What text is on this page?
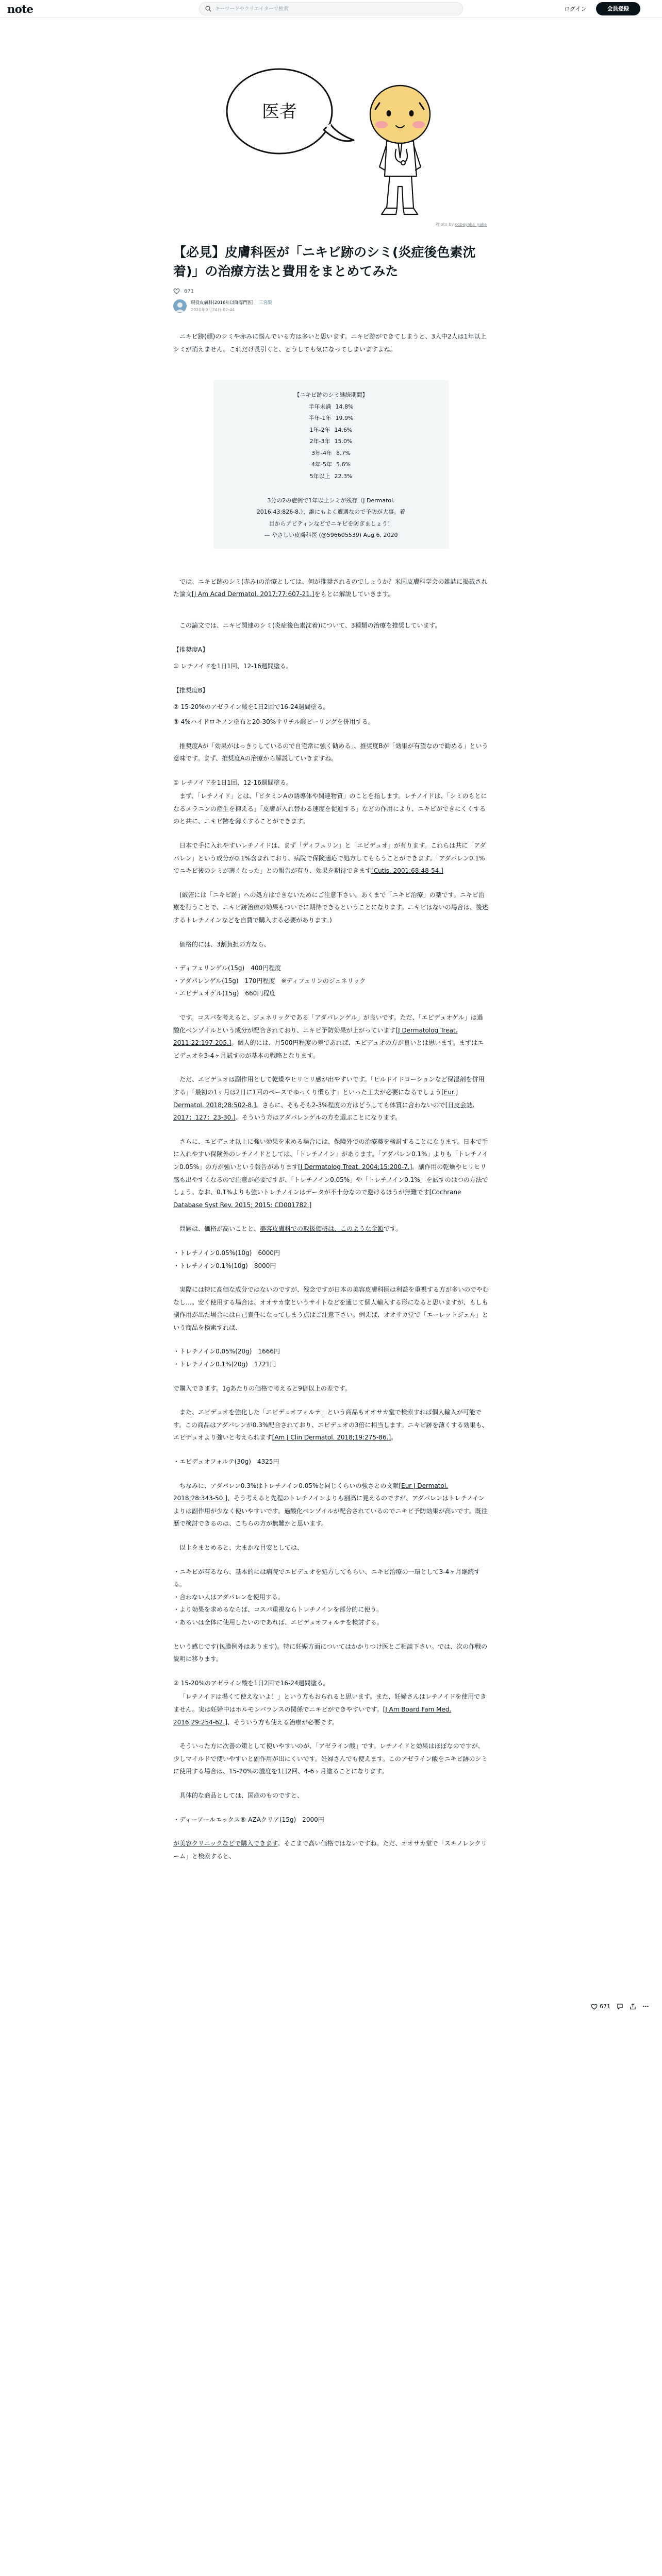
note
キーワードやクリエイターで検索	ログイン	会員登録
医者
Photo by cobeyaka_yaka
【必見】皮膚科医が「ニキビ跡のシミ(炎症後色素沈着)」の治療方法と費用をまとめてみた
671
現役皮膚科(2016年以降専門医) 三宮顔
2020年9月24日 02:44

ニキビ跡(顔)のシミや赤みに悩んでいる方は多いと思います。ニキビ跡ができてしまうと、3人中2人は1年以上シミが消えません。これだけ長引くと、どうしても気になってしまいますよね。

【ニキビ跡のシミ継続期間】
半年未満 14.8%
半年-1年 19.9%
1年-2年 14.6%
2年-3年 15.0%
3年-4年 8.7%
4年-5年 5.6%
5年以上 22.3%
3分の2の症例で1年以上シミが残存（J Dermatol.
2016;43:826-8.）、誰にもよく遭遇なので予防が大事。着
目からアビティンなどでニキビを防ぎましょう！
— やさしい皮膚科医 (@596605539) Aug 6, 2020

では、ニキビ跡のシミ(赤み)の治療としては、何が推奨されるのでしょうか？米国皮膚科学会の雑誌に掲載された論文[J Am Acad Dermatol. 2017;77:607-21.]をもとに解説していきます。

この論文では、ニキビ関連のシミ(炎症後色素沈着)について、3種類の治療を推奨しています。

【推奨度A】

① レチノイドを1日1回、12-16週間塗る。

【推奨度B】

② 15-20%のアゼライン酸を1日2回で16-24週間塗る。

③ 4%ハイドロキノン塗布と20-30%サリチル酸ピーリングを併用する。

推奨度Aが「効果がはっきりしているので自宅常に強く勧める」、推奨度Bが「効果が有望なので勧める」という意味です。まず、推奨度Aの治療から解説していきますね。

① レチノイドを1日1回、12-16週間塗る。

まず、「レチノイド」とは、「ビタミンAの誘導体や関連物質」のことを指します。レチノイドは、「シミのもとになるメラニンの産生を抑える」「皮膚が入れ替わる速度を促進する」などの作用により、ニキビができにくくするのと共に、ニキビ跡を薄くすることができます。

日本で手に入れやすいレチノイドは、まず「ディフェリン」と「エピデュオ」が有ります。これらは共に「アダパレン」という成分が0.1%含まれており、病院で保険適応で処方してもらうことができます。「アダパレン0.1%でニキビ後のシミが薄くなった」との報告が有り、効果を期待できます[Cutis. 2001;68:48-54.]

(厳密には「ニキビ跡」への処方はできないためにご注意下さい。あくまで「ニキビ治療」の薬です。ニキビ治療を行うことで、ニキビ跡治療の効果もついでに期待できるということになります。ニキビはないの場合は、後述するトレチノインなどを自費で購入する必要があります。)

価格的には、3割負担の方なら、

・ディフェリンゲル(15g)　400円程度

・アダパレンゲル(15g)　170円程度　※ディフェリンのジェネリック

・エピデュオゲル(15g)　660円程度

です。コスパを考えると、ジェネリックである「アダパレンゲル」が良いです。ただ、「エピデュオゲル」は過酸化ベンゾイルという成分が配合されており、ニキビ予防効果が上がっています[J Dermatolog Treat. 2011;22:197-205.]。個人的には、月500円程度の差であれば、エピデュオの方が良いとは思います。まずはエピデュオを3-4ヶ月試すのが基本の戦略となります。

ただ、エピデュオは副作用として乾燥やヒリヒリ感が出やすいです。「ヒルドイドローションなど保湿剤を併用する」「最初の1ヶ月は2日に1回のペースでゆっくり慣らす」といった工夫が必要になるでしょう[Eur J Dermatol. 2018;28:502-8.]。さらに、そもそも2-3%程度の方はどうしても体質に合わないので[日皮会誌. 2017；127：23-30.]、そういう方はアダパレンゲルの方を選ぶことになります。

さらに、エピデュオ以上に強い効果を求める場合には、保険外での治療薬を検討することになります。日本で手に入れやすい保険外のレチノイドとしては、「トレチノイン」があります。「アダパレン0.1%」よりも「トレチノイン0.05%」の方が強いという報告があります[J Dermatolog Treat. 2004;15:200-7.]。副作用の乾燥やヒリヒリ感も出やすくなるので注意が必要ですが、「トレチノイン0.05%」や「トレチノイン0.1%」を試すのはつの方法でしょう。なお、0.1%よりも強いトレチノインはデータが不十分なので避けるほうが無難です[Cochrane Database Syst Rev. 2015; 2015: CD001782.]

問題は、価格が高いことと、美容皮膚科での取扱価格は、このような金額です。

・トレチノイン0.05%(10g)　6000円

・トレチノイン0.1%(10g)　8000円

実際には特に高価な成分ではないのですが、残念ですが日本の美容皮膚科医は利益を重視する方が多いのでやむなし…。安く使用する場合は、オオサカ堂というサイトなどを通じて個人輸入する形になると思いますが、もしも副作用が出た場合には自己責任になってしまう点はご注意下さい。例えば、オオサカ堂で「エーレットジェル」という商品を検索すれば、

・トレチノイン0.05%(20g)　1666円

・トレチノイン0.1%(20g)　1721円

で購入できます。1gあたりの価格で考えると9倍以上の差です。

また、エピデュオを強化した「エピデュオフォルテ」という商品もオオサカ堂で検索すれば個人輸入が可能です。この商品はアダパレンが0.3%配合されており、エピデュオの3倍に相当します。ニキビ跡を薄くする効果も、エピデュオより強いと考えられます[Am J Clin Dermatol. 2018;19:275-86.]。

・エピデュオフォルテ(30g)　4325円

ちなみに、アダパレン0.3%はトレチノイン0.05%と同じくらいの強さとの文献[Eur J Dermatol. 2018;28:343-50.]、そう考えると先程のトレチノインよりも割高に見えるのですが、アダパレンはトレチノインよりは副作用が少なく使いやすいです。過酸化ベンゾイルが配合されているのでニキビ予防効果が高いです。既往歴で検討できるのは、こちらの方が無難かと思います。

以上をまとめると、大まかな目安としては、

・ニキビが有るなら、基本的には病院でエピデュオを処方してもらい、ニキビ治療の一環として3-4ヶ月継続する。

・合わない人はアダパレンを使用する。

・より効果を求めるならば、コスパ重視ならトレチノインを部分的に使う。

・あるいは全体に使用したいのであれば、エピデュオフォルテを検討する。

という感じです(包膜例外はあります)。特に妊娠方面についてはかかりつけ医とご相談下さい。では、次の作戦の説明に移ります。

② 15-20%のアゼライン酸を1日2回で16-24週間塗る。

「レチノイドは場くて使えないよ！」という方もおられると思います。また、妊婦さんはレチノイドを使用できません。実は妊婦中はホルモンバランスの関係でニキビができやすいです。[J Am Board Fam Med. 2016;29:254-62.]、そういう方も使える治療が必要です。

そういった方に次善の策として使いやすいのが、「アゼライン酸」です。レチノイドと効果はほぼなのですが、少しマイルドで使いやすいと副作用が出にくいです。妊婦さんでも使えます。このアゼライン酸をニキビ跡のシミに使用する場合は、15-20%の濃度を1日2回、4-6ヶ月塗ることになります。

具体的な商品としては、国産のものですと、

・ディーアールエックス® AZAクリア(15g)　2000円

が美容クリニックなどで購入できます。そこまで高い価格ではないですね。ただ、オオサカ堂で「スキノレンクリーム」と検索すると、

671
